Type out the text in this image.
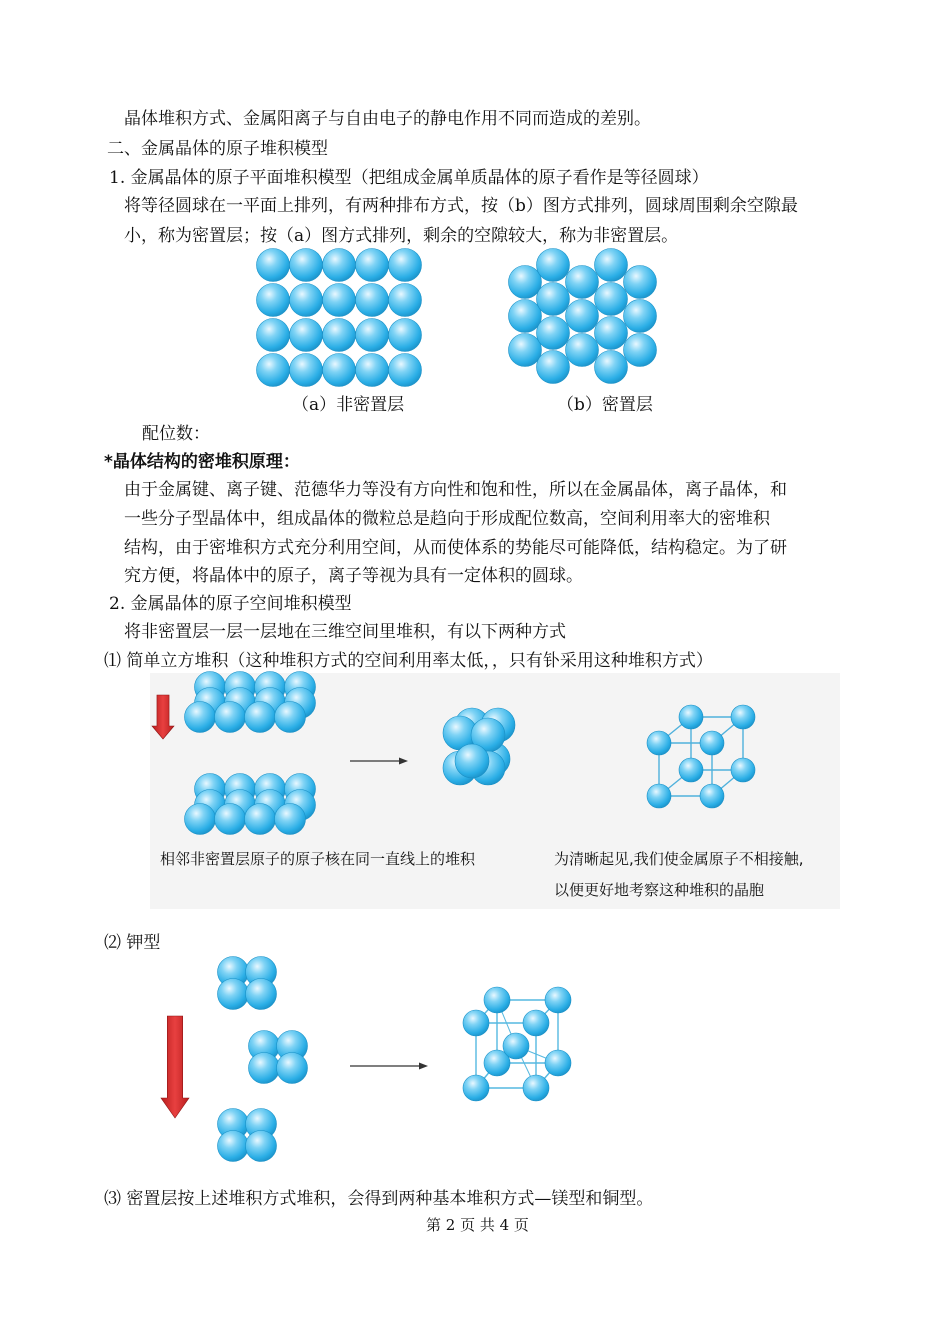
晶体堆积方式、金属阳离子与自由电子的静电作用不同而造成的差别。
二、金属晶体的原子堆积模型
1. 金属晶体的原子平面堆积模型（把组成金属单质晶体的原子看作是等径圆球）
将等径圆球在一平面上排列，有两种排布方式，按（b）图方式排列，圆球周围剩余空隙最
小，称为密置层；按（a）图方式排列，剩余的空隙较大，称为非密置层。
（a）非密置层	（b）密置层
配位数：
*晶体结构的密堆积原理：
由于金属键、离子键、范德华力等没有方向性和饱和性，所以在金属晶体，离子晶体，和
一些分子型晶体中，组成晶体的微粒总是趋向于形成配位数高，空间利用率大的密堆积
结构，由于密堆积方式充分利用空间，从而使体系的势能尽可能降低，结构稳定。为了研
究方便，将晶体中的原子，离子等视为具有一定体积的圆球。
2. 金属晶体的原子空间堆积模型
将非密置层一层一层地在三维空间里堆积，有以下两种方式
⑴ 简单立方堆积（这种堆积方式的空间利用率太低，，只有钋采用这种堆积方式）
相邻非密置层原子的原子核在同一直线上的堆积	为清晰起见,我们使金属原子不相接触,
以便更好地考察这种堆积的晶胞
⑵ 钾型
⑶ 密置层按上述堆积方式堆积，会得到两种基本堆积方式—镁型和铜型。
第 2 页 共 4 页
